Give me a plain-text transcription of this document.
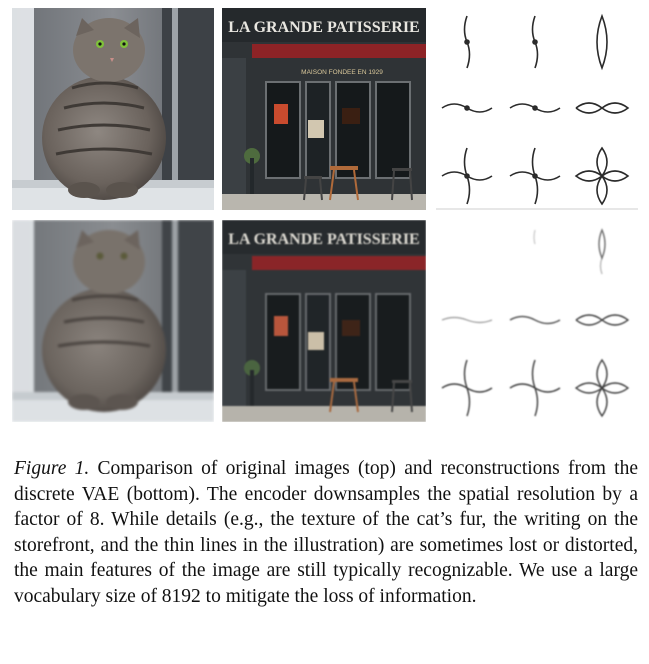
LA GRANDE PATISSERIE
MAISON FONDEE EN 1929
LA GRANDE PATISSERIE
Figure 1. Comparison of original images (top) and reconstructions from the discrete VAE (bottom). The encoder downsamples the spatial resolution by a factor of 8. While details (e.g., the texture of the cat’s fur, the writing on the storefront, and the thin lines in the illustration) are sometimes lost or distorted, the main features of the image are still typically recognizable. We use a large vocabulary size of 8192 to mitigate the loss of information.
